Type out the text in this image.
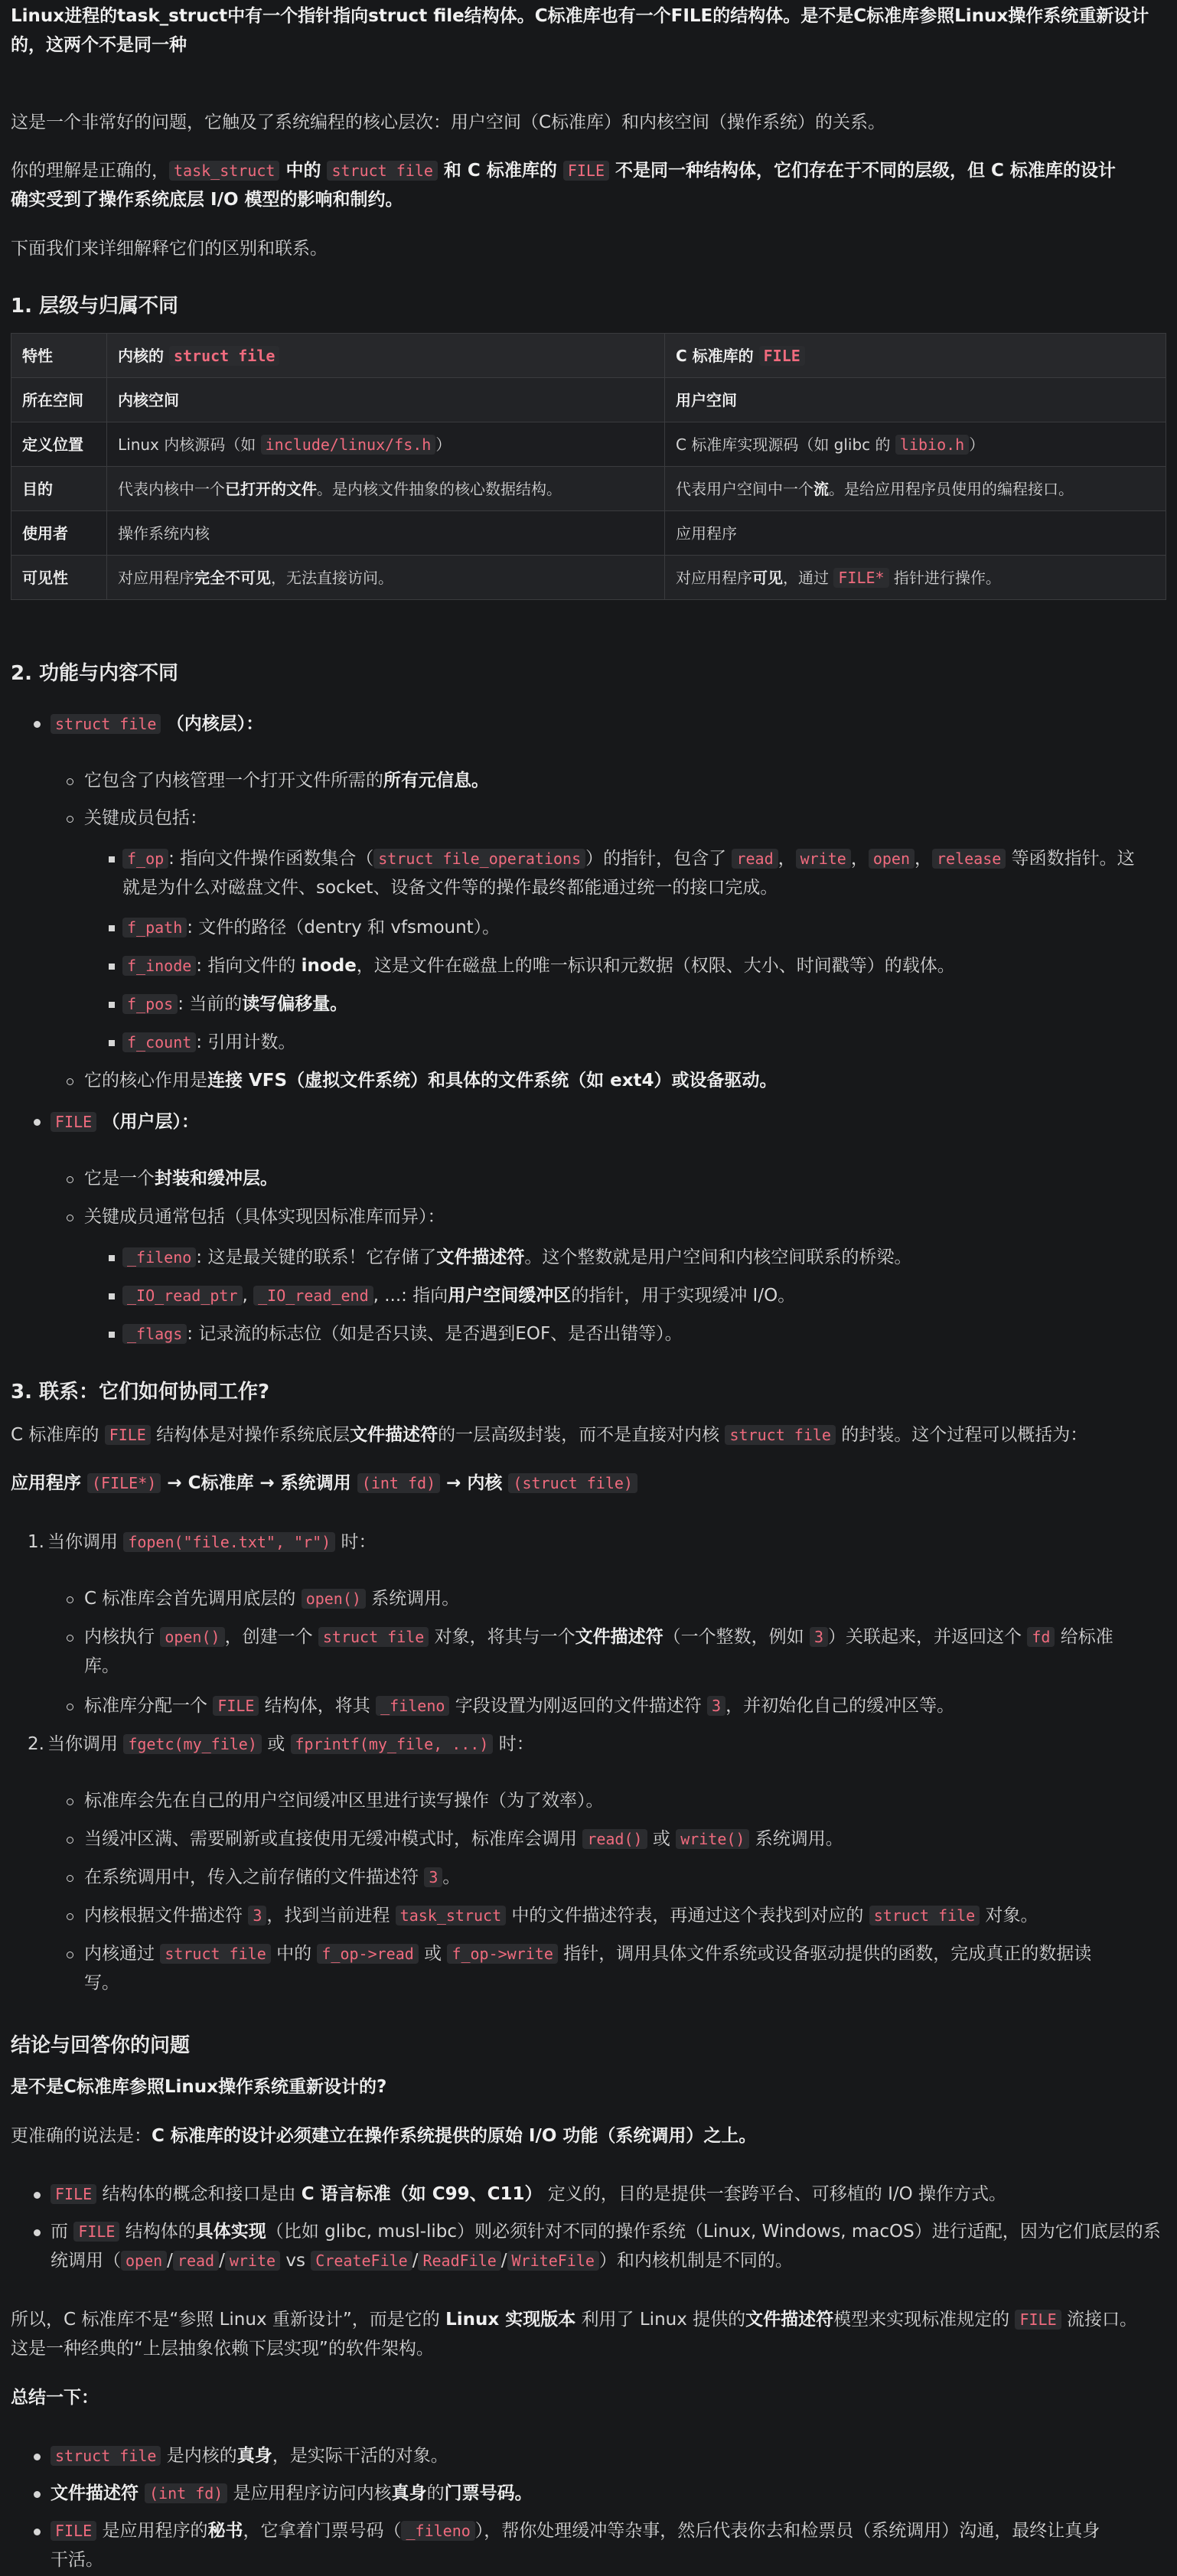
Linux进程的task_struct中有一个指针指向struct file结构体。C标准库也有一个FILE的结构体。是不是C标准库参照Linux操作系统重新设计
的，这两个不是同一种
这是一个非常好的问题，它触及了系统编程的核心层次：用户空间（C标准库）和内核空间（操作系统）的关系。
你的理解是正确的， task_struct 中的 struct file 和 C 标准库的 FILE 不是同一种结构体，它们存在于不同的层级，但 C 标准库的设计
确实受到了操作系统底层 I/O 模型的影响和制约。
下面我们来详细解释它们的区别和联系。
1. 层级与归属不同
特性	内核的 struct file	C 标准库的 FILE
所在空间	内核空间	用户空间
定义位置	Linux 内核源码（如 include/linux/fs.h ）	C 标准库实现源码（如 glibc 的 libio.h ）
目的	代表内核中一个已打开的文件。是内核文件抽象的核心数据结构。	代表用户空间中一个流。是给应用程序员使用的编程接口。
使用者	操作系统内核	应用程序
可见性	对应用程序完全不可见，无法直接访问。	对应用程序可见，通过 FILE* 指针进行操作。
2. 功能与内容不同
struct file （内核层）：
它包含了内核管理一个打开文件所需的所有元信息。
关键成员包括：
f_op : 指向文件操作函数集合（ struct file_operations ）的指针，包含了 read ， write ， open ， release 等函数指针。这
就是为什么对磁盘文件、socket、设备文件等的操作最终都能通过统一的接口完成。
f_path : 文件的路径（dentry 和 vfsmount）。
f_inode : 指向文件的 inode，这是文件在磁盘上的唯一标识和元数据（权限、大小、时间戳等）的载体。
f_pos : 当前的读写偏移量。
f_count : 引用计数。
它的核心作用是连接 VFS（虚拟文件系统）和具体的文件系统（如 ext4）或设备驱动。
FILE （用户层）：
它是一个封装和缓冲层。
关键成员通常包括（具体实现因标准库而异）：
_fileno : 这是最关键的联系！它存储了文件描述符。这个整数就是用户空间和内核空间联系的桥梁。
_IO_read_ptr , _IO_read_end , ...: 指向用户空间缓冲区的指针，用于实现缓冲 I/O。
_flags : 记录流的标志位（如是否只读、是否遇到EOF、是否出错等）。
3. 联系：它们如何协同工作?
C 标准库的 FILE 结构体是对操作系统底层文件描述符的一层高级封装，而不是直接对内核 struct file 的封装。这个过程可以概括为：
应用程序 (FILE*) → C标准库 → 系统调用 (int fd) → 内核 (struct file)
1. 当你调用 fopen("file.txt", "r") 时：
C 标准库会首先调用底层的 open() 系统调用。
内核执行 open() ，创建一个 struct file 对象，将其与一个文件描述符（一个整数，例如 3 ）关联起来，并返回这个 fd 给标准
库。
标准库分配一个 FILE 结构体，将其 _fileno 字段设置为刚返回的文件描述符 3 ，并初始化自己的缓冲区等。
2. 当你调用 fgetc(my_file) 或 fprintf(my_file, ...) 时：
标准库会先在自己的用户空间缓冲区里进行读写操作（为了效率）。
当缓冲区满、需要刷新或直接使用无缓冲模式时，标准库会调用 read() 或 write() 系统调用。
在系统调用中，传入之前存储的文件描述符 3 。
内核根据文件描述符 3 ，找到当前进程 task_struct 中的文件描述符表，再通过这个表找到对应的 struct file 对象。
内核通过 struct file 中的 f_op->read 或 f_op->write 指针，调用具体文件系统或设备驱动提供的函数，完成真正的数据读
写。
结论与回答你的问题
是不是C标准库参照Linux操作系统重新设计的?
更准确的说法是：C 标准库的设计必须建立在操作系统提供的原始 I/O 功能（系统调用）之上。
FILE 结构体的概念和接口是由 C 语言标准（如 C99、C11） 定义的，目的是提供一套跨平台、可移植的 I/O 操作方式。
而 FILE 结构体的具体实现（比如 glibc, musl-libc）则必须针对不同的操作系统（Linux, Windows, macOS）进行适配，因为它们底层的系
统调用（ open / read / write vs CreateFile / ReadFile / WriteFile ）和内核机制是不同的。
所以，C 标准库不是“参照 Linux 重新设计”，而是它的 Linux 实现版本 利用了 Linux 提供的文件描述符模型来实现标准规定的 FILE 流接口。
这是一种经典的“上层抽象依赖下层实现”的软件架构。
总结一下：
struct file 是内核的真身，是实际干活的对象。
文件描述符 (int fd) 是应用程序访问内核真身的门票号码。
FILE 是应用程序的秘书，它拿着门票号码（ _fileno ），帮你处理缓冲等杂事，然后代表你去和检票员（系统调用）沟通，最终让真身
干活。
